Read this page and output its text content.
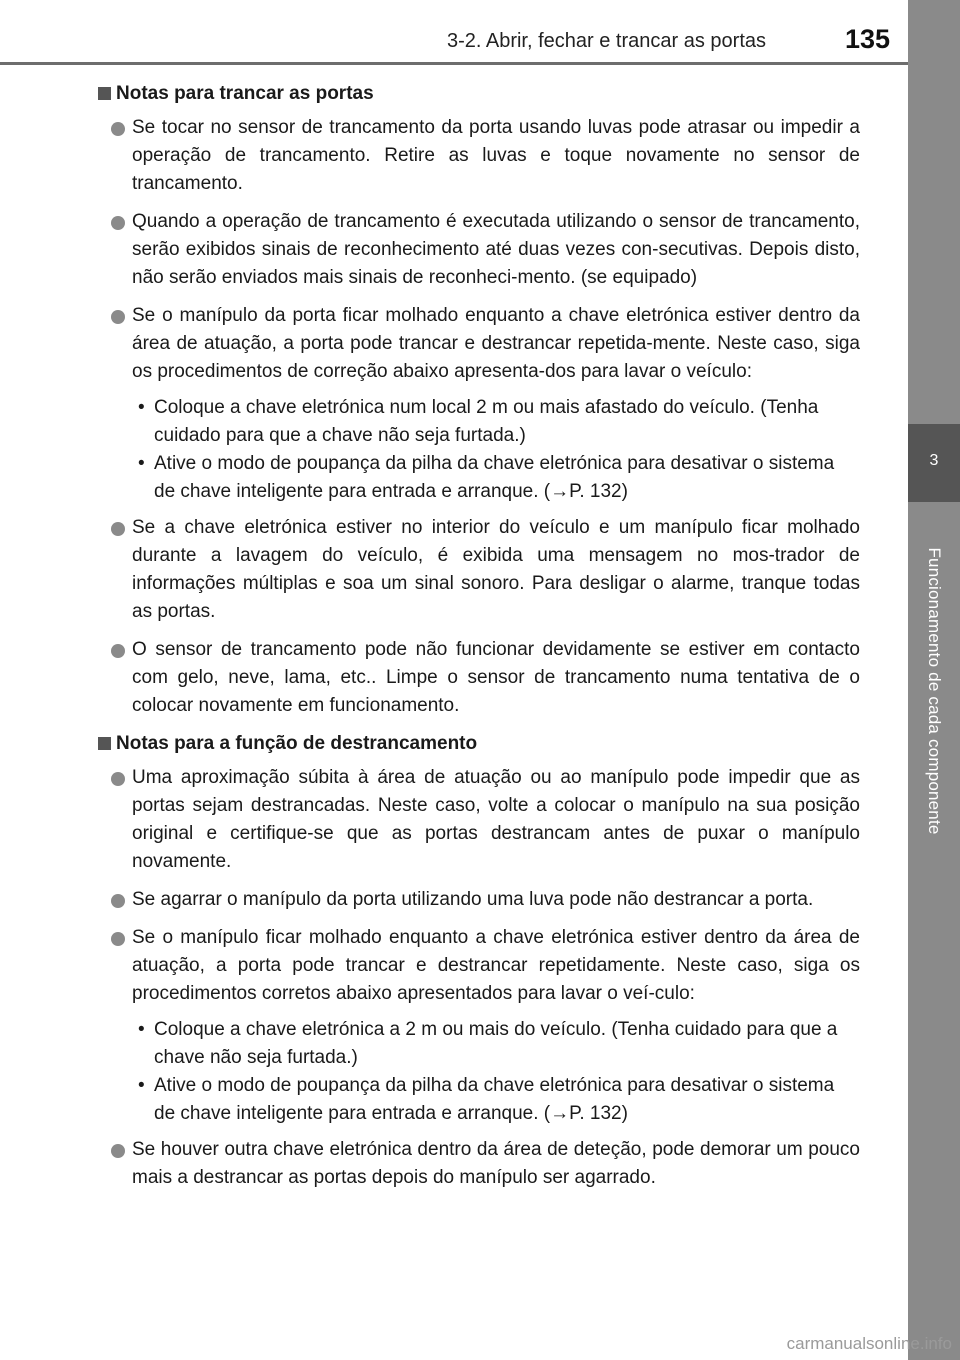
3-2. Abrir, fechar e trancar as portas	135
3
Funcionamento de cada componente
Notas para trancar as portas
Se tocar no sensor de trancamento da porta usando luvas pode atrasar ou impedir a operação de trancamento. Retire as luvas e toque novamente no sensor de trancamento.
Quando a operação de trancamento é executada utilizando o sensor de trancamento, serão exibidos sinais de reconhecimento até duas vezes con-secutivas. Depois disto, não serão enviados mais sinais de reconheci-mento. (se equipado)
Se o manípulo da porta ficar molhado enquanto a chave eletrónica estiver dentro da área de atuação, a porta pode trancar e destrancar repetida-mente. Neste caso, siga os procedimentos de correção abaixo apresenta-dos para lavar o veículo:
• Coloque a chave eletrónica num local 2 m ou mais afastado do veículo. (Tenha cuidado para que a chave não seja furtada.)
• Ative o modo de poupança da pilha da chave eletrónica para desativar o sistema de chave inteligente para entrada e arranque. (→P. 132)
Se a chave eletrónica estiver no interior do veículo e um manípulo ficar molhado durante a lavagem do veículo, é exibida uma mensagem no mos-trador de informações múltiplas e soa um sinal sonoro. Para desligar o alarme, tranque todas as portas.
O sensor de trancamento pode não funcionar devidamente se estiver em contacto com gelo, neve, lama, etc.. Limpe o sensor de trancamento numa tentativa de o colocar novamente em funcionamento.
Notas para a função de destrancamento
Uma aproximação súbita à área de atuação ou ao manípulo pode impedir que as portas sejam destrancadas. Neste caso, volte a colocar o manípulo na sua posição original e certifique-se que as portas destrancam antes de puxar o manípulo novamente.
Se agarrar o manípulo da porta utilizando uma luva pode não destrancar a porta.
Se o manípulo ficar molhado enquanto a chave eletrónica estiver dentro da área de atuação, a porta pode trancar e destrancar repetidamente. Neste caso, siga os procedimentos corretos abaixo apresentados para lavar o veí-culo:
• Coloque a chave eletrónica a 2 m ou mais do veículo. (Tenha cuidado para que a chave não seja furtada.)
• Ative o modo de poupança da pilha da chave eletrónica para desativar o sistema de chave inteligente para entrada e arranque. (→P. 132)
Se houver outra chave eletrónica dentro da área de deteção, pode demorar um pouco mais a destrancar as portas depois do manípulo ser agarrado.
carmanualsonline.info
